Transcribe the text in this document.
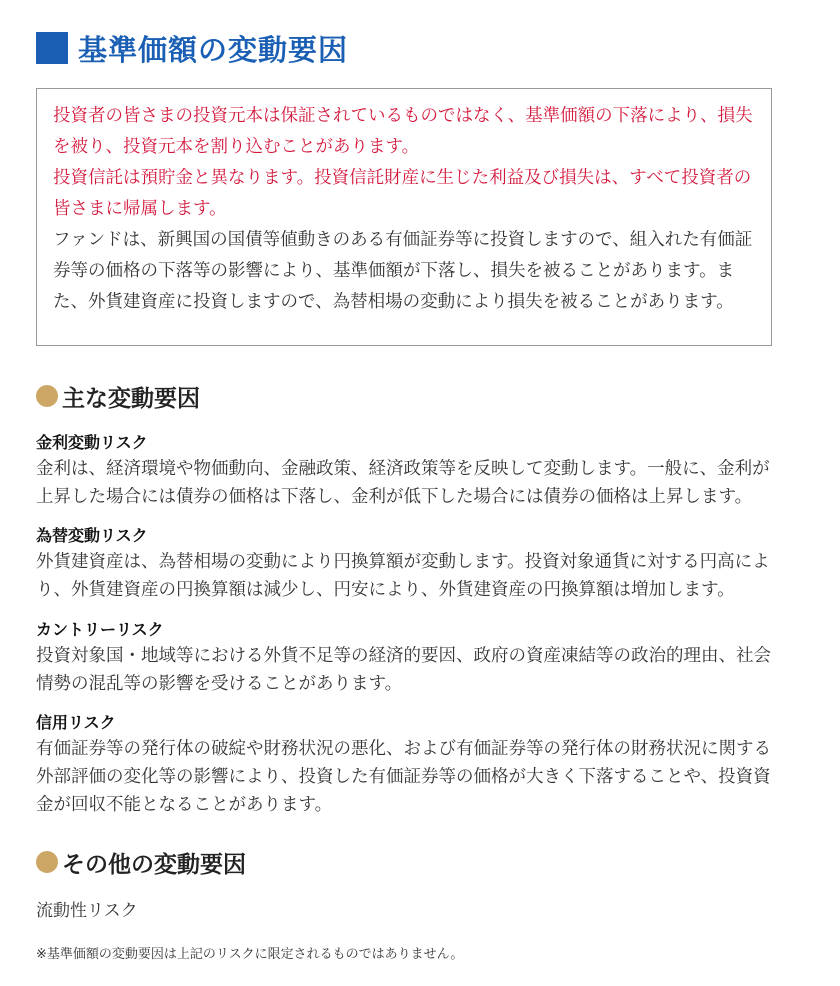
基準価額の変動要因

投資者の皆さまの投資元本は保証されているものではなく、基準価額の下落により、損失を被り、投資元本を割り込むことがあります。

投資信託は預貯金と異なります。投資信託財産に生じた利益及び損失は、すべて投資者の皆さまに帰属します。

ファンドは、新興国の国債等値動きのある有価証券等に投資しますので、組入れた有価証券等の価格の下落等の影響により、基準価額が下落し、損失を被ることがあります。また、外貨建資産に投資しますので、為替相場の変動により損失を被ることがあります。

主な変動要因
金利変動リスク

金利は、経済環境や物価動向、金融政策、経済政策等を反映して変動します。一般に、金利が上昇した場合には債券の価格は下落し、金利が低下した場合には債券の価格は上昇します。

為替変動リスク

外貨建資産は、為替相場の変動により円換算額が変動します。投資対象通貨に対する円高により、外貨建資産の円換算額は減少し、円安により、外貨建資産の円換算額は増加します。

カントリーリスク

投資対象国・地域等における外貨不足等の経済的要因、政府の資産凍結等の政治的理由、社会情勢の混乱等の影響を受けることがあります。

信用リスク

有価証券等の発行体の破綻や財務状況の悪化、および有価証券等の発行体の財務状況に関する外部評価の変化等の影響により、投資した有価証券等の価格が大きく下落することや、投資資金が回収不能となることがあります。

その他の変動要因
流動性リスク
※基準価額の変動要因は上記のリスクに限定されるものではありません。
